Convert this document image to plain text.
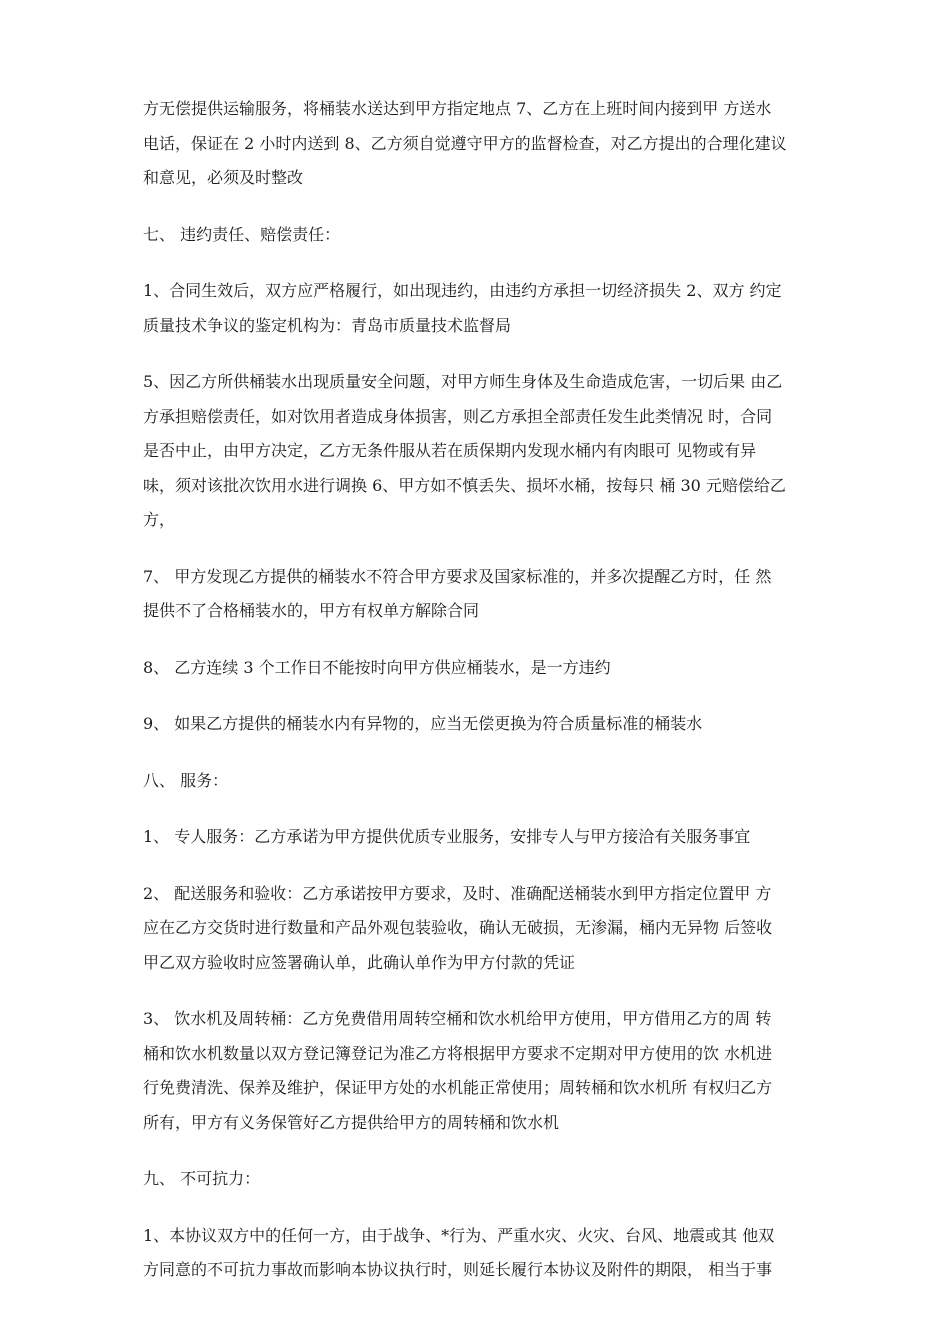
方无偿提供运输服务，将桶装水送达到甲方指定地点 7、乙方在上班时间内接到甲 方送水
电话，保证在 2 小时内送到 8、乙方须自觉遵守甲方的监督检查，对乙方提出的合理化建议
和意见，必须及时整改
七、 违约责任、赔偿责任：
1、合同生效后，双方应严格履行，如出现违约，由违约方承担一切经济损失 2、双方 约定
质量技术争议的鉴定机构为：青岛市质量技术监督局
5、因乙方所供桶装水出现质量安全问题，对甲方师生身体及生命造成危害，一切后果 由乙
方承担赔偿责任，如对饮用者造成身体损害，则乙方承担全部责任发生此类情况 时，合同
是否中止，由甲方决定，乙方无条件服从若在质保期内发现水桶内有肉眼可 见物或有异
味，须对该批次饮用水进行调换 6、甲方如不慎丢失、损坏水桶，按每只 桶 30 元赔偿给乙
方，
7、 甲方发现乙方提供的桶装水不符合甲方要求及国家标准的，并多次提醒乙方时，任 然
提供不了合格桶装水的，甲方有权单方解除合同
8、 乙方连续 3 个工作日不能按时向甲方供应桶装水，是一方违约
9、 如果乙方提供的桶装水内有异物的，应当无偿更换为符合质量标准的桶装水
八、 服务：
1、 专人服务：乙方承诺为甲方提供优质专业服务，安排专人与甲方接洽有关服务事宜
2、 配送服务和验收：乙方承诺按甲方要求，及时、准确配送桶装水到甲方指定位置甲 方
应在乙方交货时进行数量和产品外观包装验收，确认无破损，无渗漏，桶内无异物 后签收
甲乙双方验收时应签署确认单，此确认单作为甲方付款的凭证
3、 饮水机及周转桶：乙方免费借用周转空桶和饮水机给甲方使用，甲方借用乙方的周 转
桶和饮水机数量以双方登记簿登记为准乙方将根据甲方要求不定期对甲方使用的饮 水机进
行免费清洗、保养及维护，保证甲方处的水机能正常使用；周转桶和饮水机所 有权归乙方
所有，甲方有义务保管好乙方提供给甲方的周转桶和饮水机
九、 不可抗力：
1、本协议双方中的任何一方，由于战争、*行为、严重水灾、火灾、台风、地震或其 他双
方同意的不可抗力事故而影响本协议执行时，则延长履行本协议及附件的期限， 相当于事
